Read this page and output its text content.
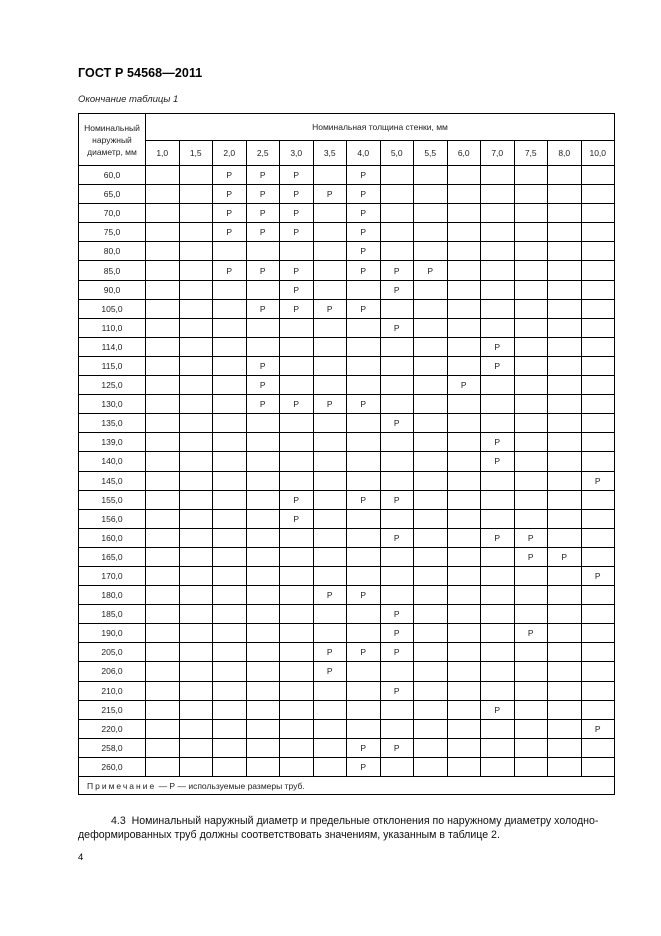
ГОСТ Р 54568—2011
Окончание таблицы 1
Номинальный наружный диаметр, мм	Номинальная толщина стенки, мм													
	1,0	1,5	2,0	2,5	3,0	3,5	4,0	5,0	5,5	6,0	7,0	7,5	8,0	10,0
60,0			Р	Р	Р		Р							
65,0			Р	Р	Р	Р	Р							
70,0			Р	Р	Р		Р							
75,0			Р	Р	Р		Р							
80,0							Р							
85,0			Р	Р	Р		Р	Р	Р					
90,0					Р			Р						
105,0				Р	Р	Р	Р							
110,0								Р						
114,0											Р			
115,0				Р							Р			
125,0				Р						Р				
130,0				Р	Р	Р	Р							
135,0								Р						
139,0											Р			
140,0											Р			
145,0														Р
155,0					Р		Р	Р						
156,0					Р									
160,0								Р			Р	Р		
165,0												Р	Р	
170,0														Р
180,0						Р	Р							
185,0								Р						
190,0								Р				Р		
205,0						Р	Р	Р						
206,0						Р								
210,0								Р						
215,0											Р			
220,0														Р
258,0							Р	Р						
260,0							Р							
Примечание — Р — используемые размеры труб.														
4.3 Номинальный наружный диаметр и предельные отклонения по наружному диаметру холодно-деформированных труб должны соответствовать значениям, указанным в таблице 2.
4
